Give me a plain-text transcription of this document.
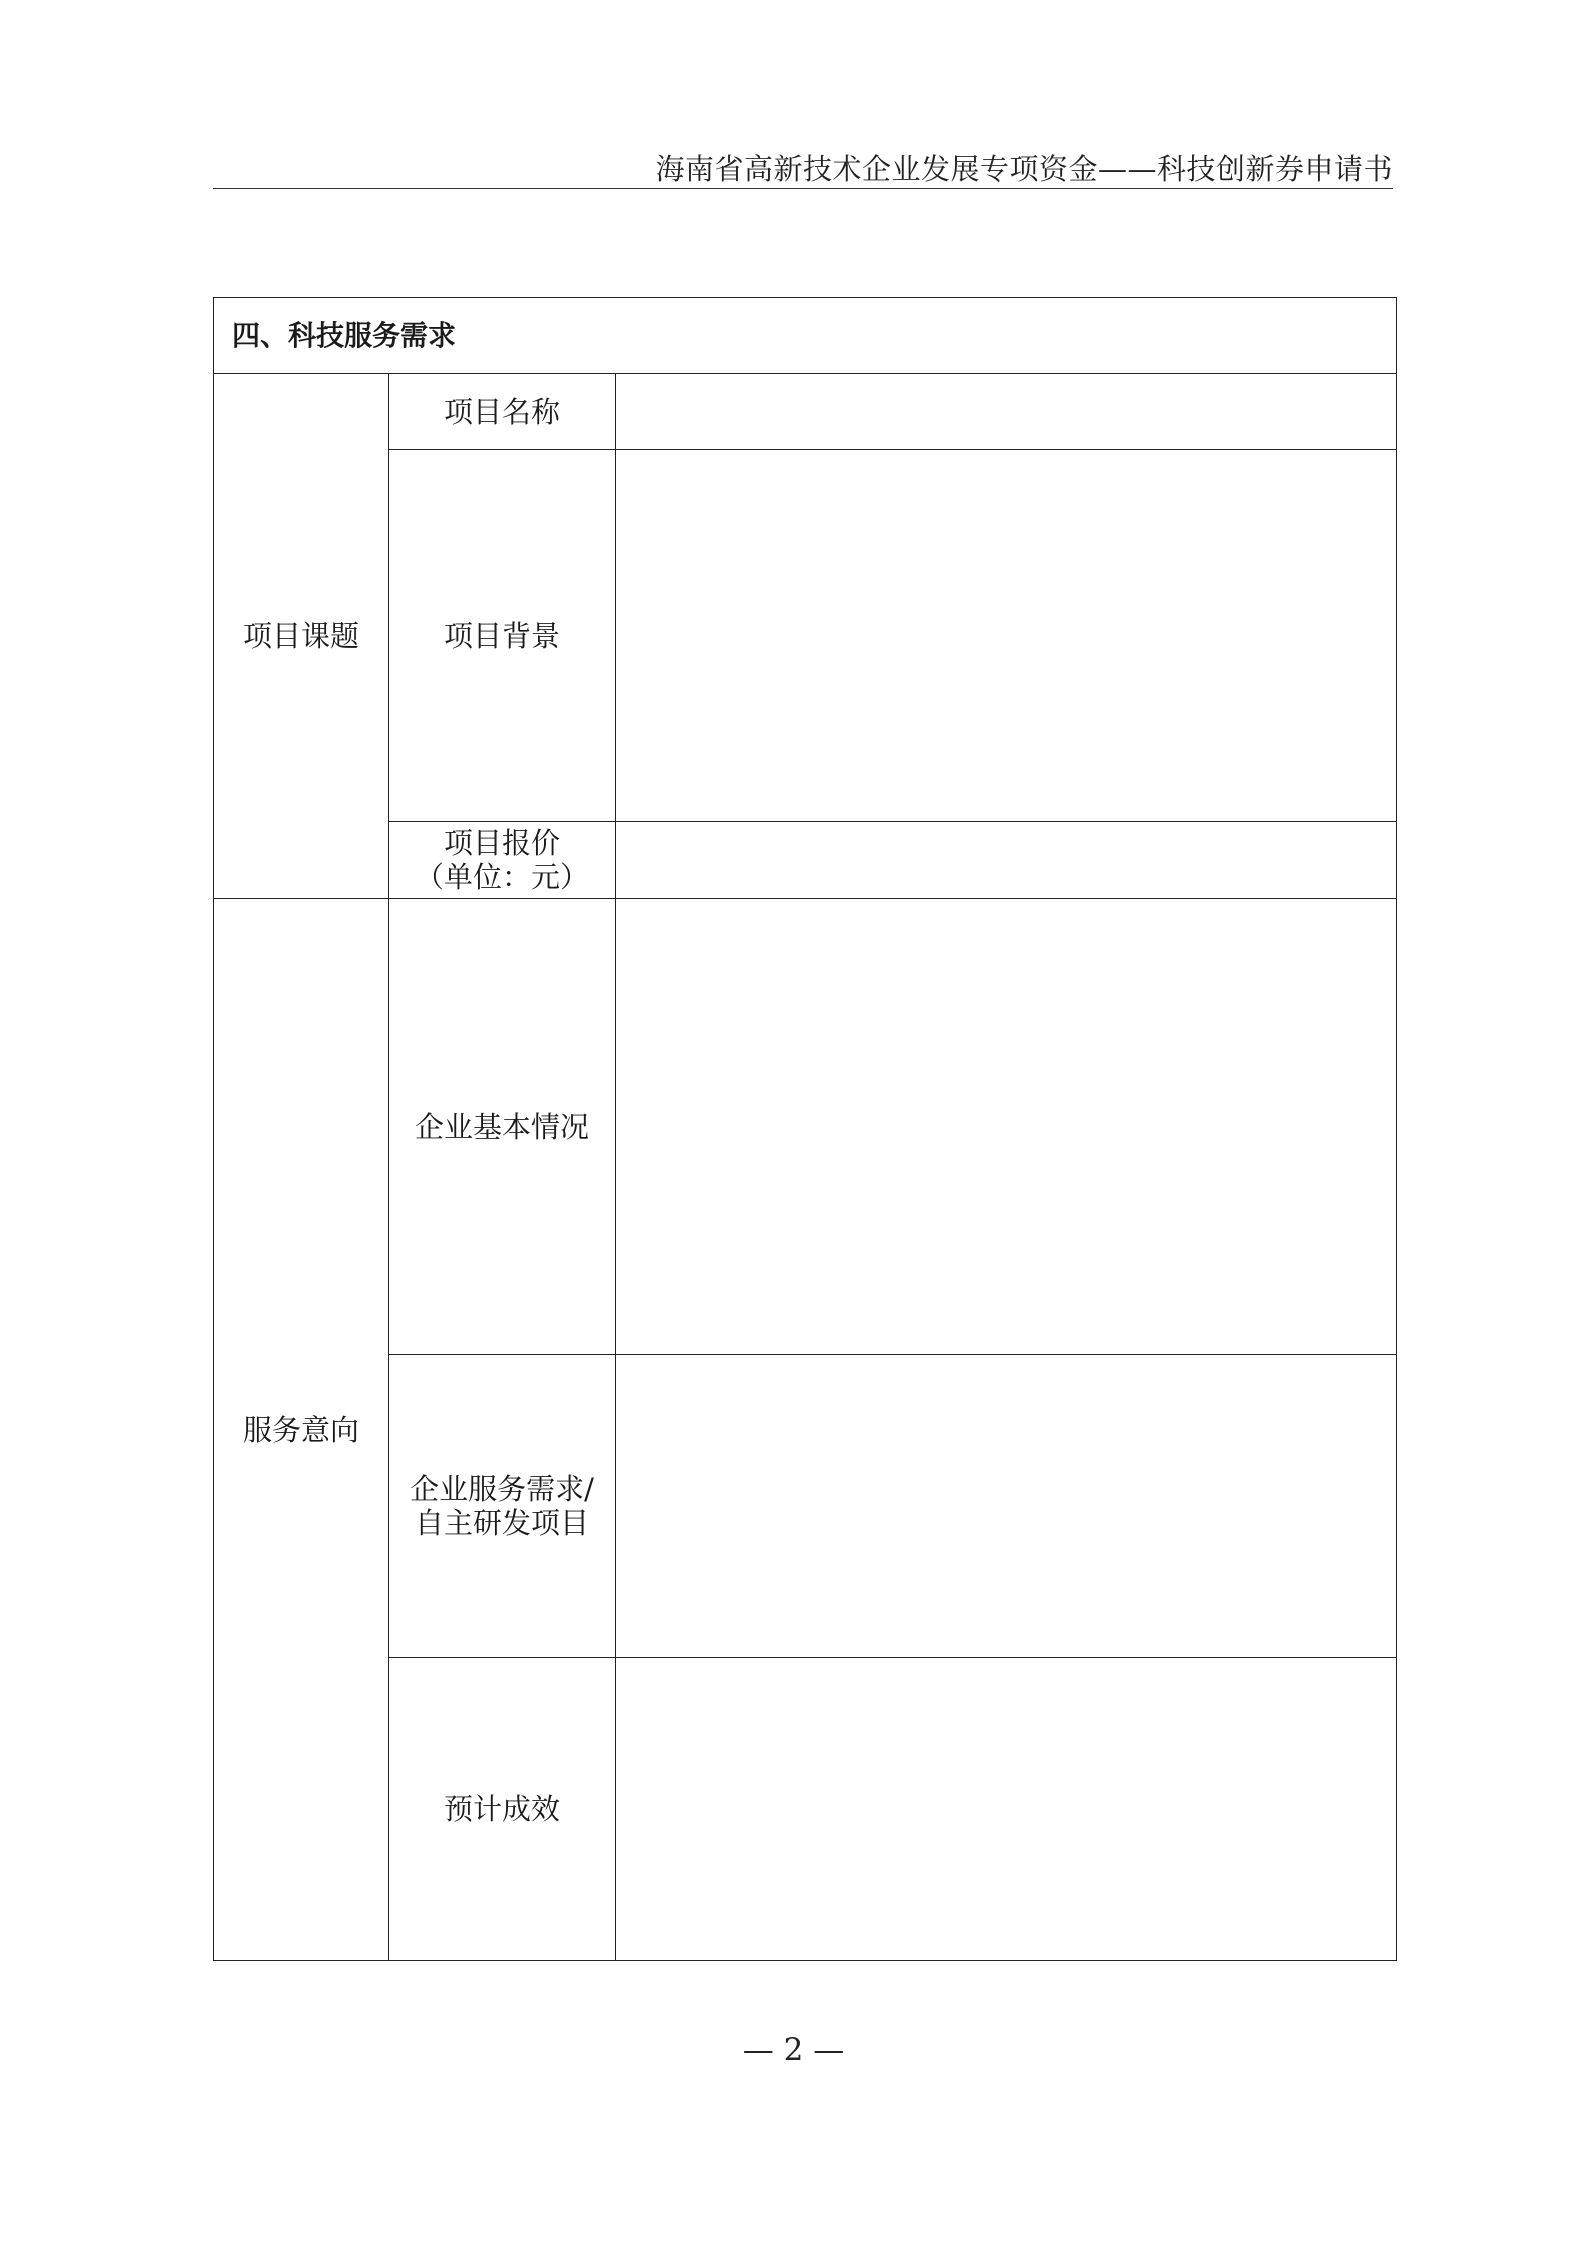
海南省高新技术企业发展专项资金——科技创新券申请书
四、科技服务需求		
项目课题	项目名称	
	项目背景	

	项目报价
（单位：元）	

服务意向	企业基本情况	

	企业服务需求/
自主研发项目	

	预计成效	
— 2 —
